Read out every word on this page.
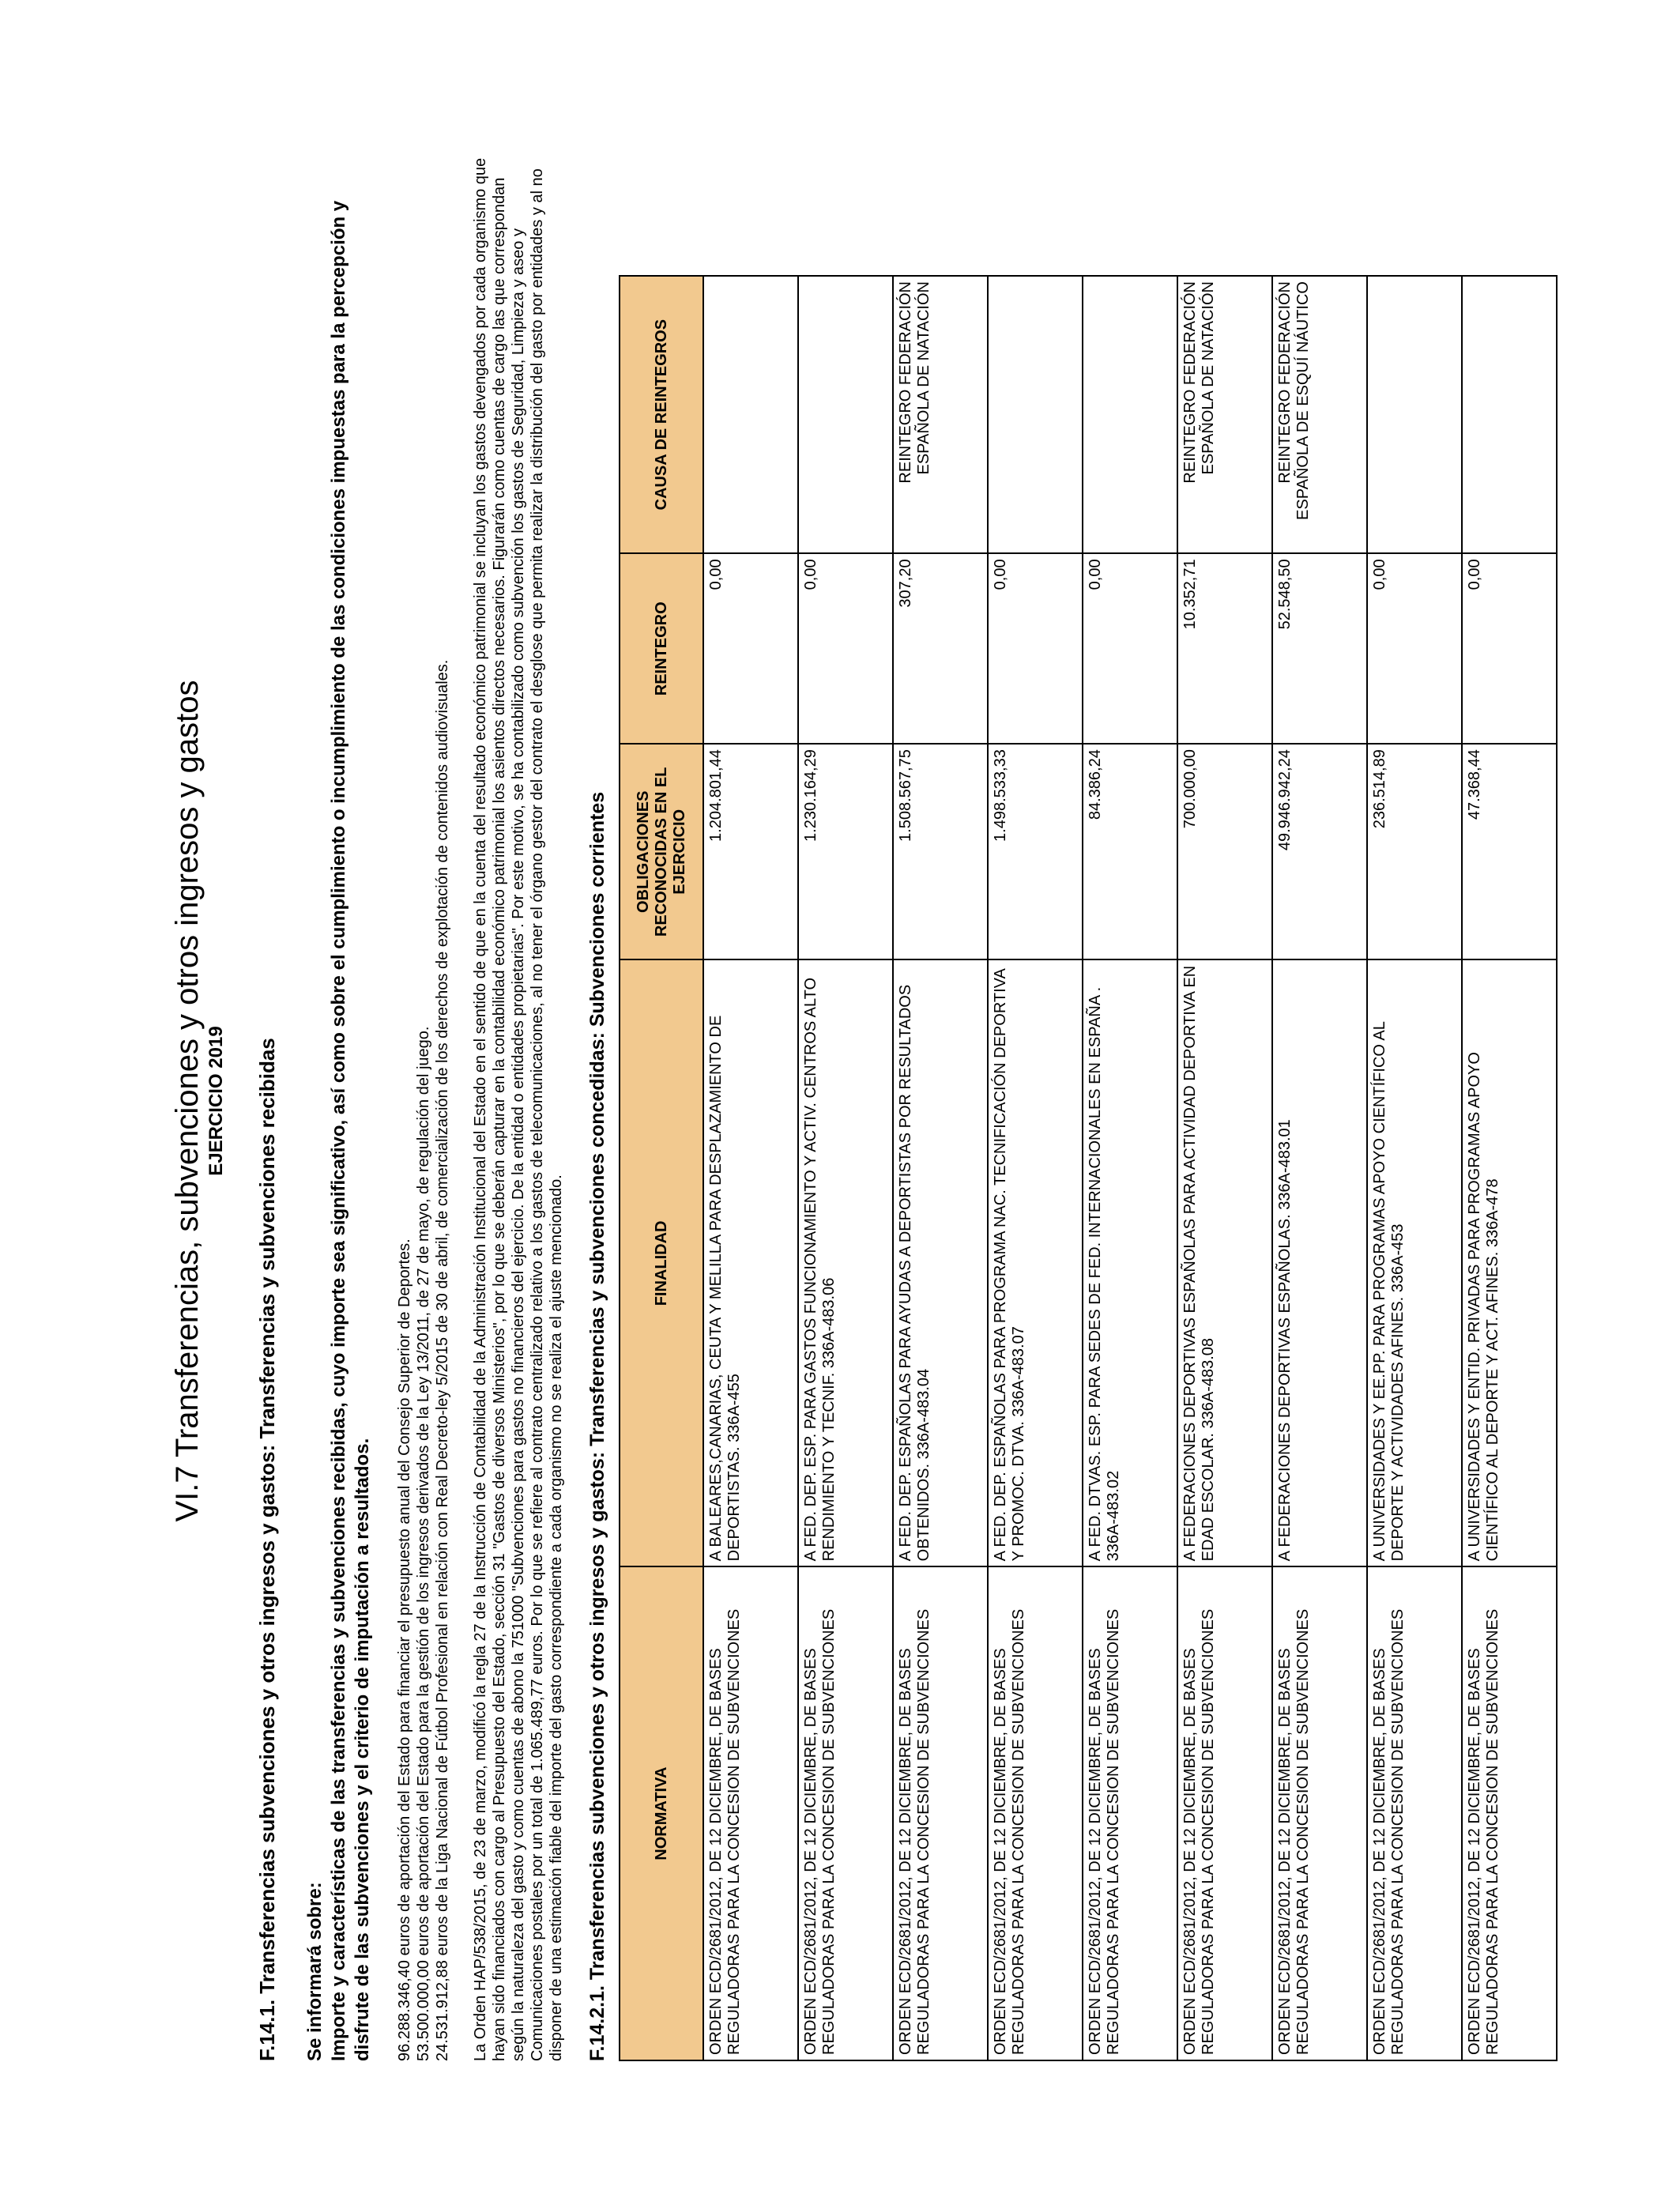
VI.7 Transferencias, subvenciones y otros ingresos y gastos EJERCICIO 2019 F.14.1. Transferencias subvenciones y otros ingresos y gastos: Transferencias y subvenciones recibidas Se informará sobre: Importe y características de las transferencias y subvenciones recibidas, cuyo importe sea significativo, así como sobre el cumplimiento o incumplimiento de las condiciones impuestas para la percepción y disfrute de las subvenciones y el criterio de imputación a resultados. 96.288.346,40 euros de aportación del Estado para financiar el presupuesto anual del Consejo Superior de Deportes. 53.500.000,00 euros de aportación del Estado para la gestión de los ingresos derivados de la Ley 13/2011, de 27 de mayo, de regulación del juego. 24.531.912,88 euros de la Liga Nacional de Fútbol Profesional en relación con Real Decreto-ley 5/2015 de 30 de abril, de comercialización de los derechos de explotación de contenidos audiovisuales. La Orden HAP/538/2015, de 23 de marzo, modificó la regla 27 de la Instrucción de Contabilidad de la Administración Institucional del Estado en el sentido de que en la cuenta del resultado económico patrimonial se incluyan los gastos devengados por cada organismo que hayan sido financiados con cargo al Presupuesto del Estado, sección 31 "Gastos de diversos Ministerios", por lo que se deberán capturar en la contabilidad económico patrimonial los asientos directos necesarios. Figurarán como cuentas de cargo las que correspondan según la naturaleza del gasto y como cuentas de abono la 751000 "Subvenciones para gastos no financieros del ejercicio. De la entidad o entidades propietarias". Por este motivo, se ha contabilizado como subvención los gastos de Seguridad, Limpieza y aseo y Comunicaciones postales por un total de 1.065.489,77 euros. Por lo que se refiere al contrato centralizado relativo a los gastos de telecomunicaciones, al no tener el órgano gestor del contrato el desglose que permita realizar la distribución del gasto por entidades y al no disponer de una estimación fiable del importe del gasto correspondiente a cada organismo no se realiza el ajuste mencionado. F.14.2.1. Transferencias subvenciones y otros ingresos y gastos: Transferencias y subvenciones concedidas: Subvenciones corrientes	NORMATIVA	FINALIDAD	OBLIGACIONES RECONOCIDAS EN EL EJERCICIO	REINTEGRO	CAUSA DE REINTEGROS
ORDEN ECD/2681/2012, DE 12 DICIEMBRE, DE BASES REGULADORAS PARA LA CONCESION DE SUBVENCIONES	A BALEARES,CANARIAS, CEUTA Y MELILLA PARA DESPLAZAMIENTO DE DEPORTISTAS. 336A-455	1.204.801,44	0,00	
ORDEN ECD/2681/2012, DE 12 DICIEMBRE, DE BASES REGULADORAS PARA LA CONCESION DE SUBVENCIONES	A FED. DEP. ESP. PARA GASTOS FUNCIONAMIENTO Y ACTIV. CENTROS ALTO RENDIMIENTO Y TECNIF. 336A-483.06	1.230.164,29	0,00	
ORDEN ECD/2681/2012, DE 12 DICIEMBRE, DE BASES REGULADORAS PARA LA CONCESION DE SUBVENCIONES	A FED. DEP. ESPAÑOLAS PARA AYUDAS A DEPORTISTAS POR RESULTADOS OBTENIDOS. 336A-483.04	1.508.567,75	307,20	REINTEGRO FEDERACIÓN ESPAÑOLA DE NATACIÓN
ORDEN ECD/2681/2012, DE 12 DICIEMBRE, DE BASES REGULADORAS PARA LA CONCESION DE SUBVENCIONES	A FED. DEP. ESPAÑOLAS PARA PROGRAMA NAC. TECNIFICACIÓN DEPORTIVA Y PROMOC. DTVA. 336A-483.07	1.498.533,33	0,00	
ORDEN ECD/2681/2012, DE 12 DICIEMBRE, DE BASES REGULADORAS PARA LA CONCESION DE SUBVENCIONES	A FED. DTVAS. ESP. PARA SEDES DE FED. INTERNACIONALES EN ESPAÑA . 336A-483.02	84.386,24	0,00	
ORDEN ECD/2681/2012, DE 12 DICIEMBRE, DE BASES REGULADORAS PARA LA CONCESION DE SUBVENCIONES	A FEDERACIONES DEPORTIVAS ESPAÑOLAS PARA ACTIVIDAD DEPORTIVA EN EDAD ESCOLAR. 336A-483.08	700.000,00	10.352,71	REINTEGRO FEDERACIÓN ESPAÑOLA DE NATACIÓN
ORDEN ECD/2681/2012, DE 12 DICIEMBRE, DE BASES REGULADORAS PARA LA CONCESION DE SUBVENCIONES	A FEDERACIONES DEPORTIVAS ESPAÑOLAS. 336A-483.01	49.946.942,24	52.548,50	REINTEGRO FEDERACIÓN ESPAÑOLA DE ESQUÍ NÁUTICO
ORDEN ECD/2681/2012, DE 12 DICIEMBRE, DE BASES REGULADORAS PARA LA CONCESION DE SUBVENCIONES	A UNIVERSIDADES Y EE.PP. PARA PROGRAMAS APOYO CIENTÍFICO AL DEPORTE Y ACTIVIDADES AFINES. 336A-453	236.514,89	0,00	
ORDEN ECD/2681/2012, DE 12 DICIEMBRE, DE BASES REGULADORAS PARA LA CONCESION DE SUBVENCIONES	A UNIVERSIDADES Y ENTID. PRIVADAS PARA PROGRAMAS APOYO CIENTÍFICO AL DEPORTE Y ACT. AFINES. 336A-478	47.368,44	0,00	
